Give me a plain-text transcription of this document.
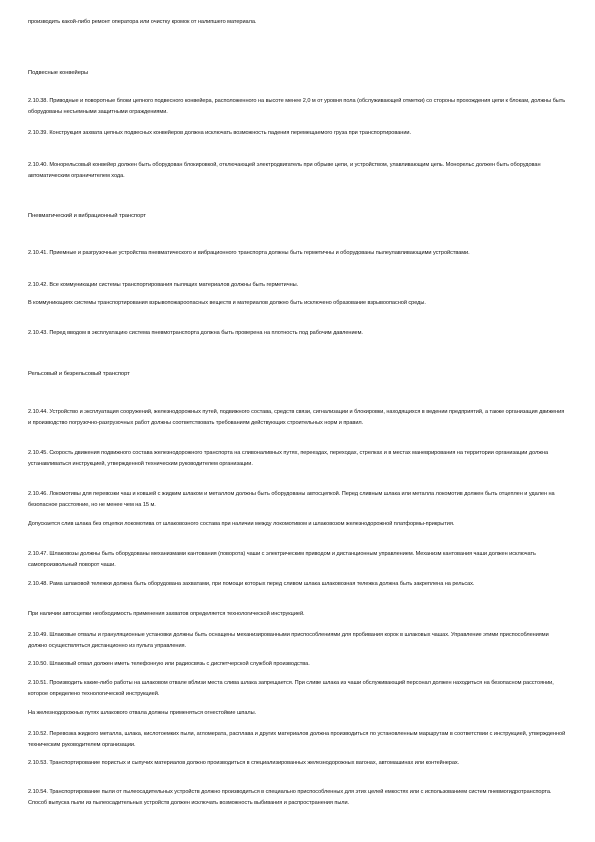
производить какой-либо ремонт оператора или очистку кромок от налипшего материала.

Подвесные конвейеры

2.10.38. Приводные и поворотные блоки цепного подвесного конвейера, расположенного на высоте менее 2,0 м от уровня пола (обслуживающей отметки) со стороны прохождения цепи к блокам, должны быть оборудованы несъемными защитными ограждениями.

2.10.39. Конструкция захвата цепных подвесных конвейеров должна исключать возможность падения перемещаемого груза при транспортировании.

2.10.40. Монорельсовый конвейер должен быть оборудован блокировкой, отключающей электродвигатель при обрыве цепи, и устройством, улавливающим цепь. Монорельс должен быть оборудован автоматическим ограничителем хода.

Пневматический и вибрационный транспорт

2.10.41. Приемные и разгрузочные устройства пневматического и вибрационного транспорта должны быть герметичны и оборудованы пылеулавливающими устройствами.

2.10.42. Все коммуникации системы транспортирования пылящих материалов должны быть герметичны.

В коммуникациях системы транспортирования взрывопожароопасных веществ и материалов должно быть исключено образование взрывоопасной среды.

2.10.43. Перед вводом в эксплуатацию система пневмотранспорта должна быть проверена на плотность под рабочим давлением.

Рельсовый и безрельсовый транспорт

2.10.44. Устройство и эксплуатация сооружений, железнодорожных путей, подвижного состава, средств связи, сигнализации и блокировки, находящихся в ведении предприятий, а также организация движения и производство погрузочно-разгрузочных работ должны соответствовать требованиям действующих строительных норм и правил.

2.10.45. Скорость движения подвижного состава железнодорожного транспорта на сливоналивных путях, переездах, переходах, стрелках и в местах маневрирования на территории организации должна устанавливаться инструкцией, утвержденной техническим руководителем организации.

2.10.46. Локомотивы для перевозки чаш и ковшей с жидким шлаком и металлом должны быть оборудованы автосцепкой. Перед сливным шлака или металла локомотив должен быть отцеплен и удален на безопасное расстояние, но не менее чем на 15 м.

Допускается слив шлака без отцепки локомотива от шлаковозного состава при наличии между локомотивом и шлаковозом железнодорожной платформы-прикрытия.

2.10.47. Шлаковозы должны быть оборудованы механизмами кантования (поворота) чаши с электрическим приводом и дистанционным управлением. Механизм кантования чаши должен исключать самопроизвольный поворот чаши.

2.10.48. Рама шлаковой тележки должна быть оборудована захватами, при помощи которых перед сливом шлака шлаковозная тележка должна быть закреплена на рельсах.

При наличии автосцепки необходимость применения захватов определяется технологической инструкцией.

2.10.49. Шлаковые отвалы и грануляционные установки должны быть оснащены механизированными приспособлениями для пробивания корок в шлаковых чашах. Управление этими приспособлениями должно осуществляться дистанционно из пульта управления.

2.10.50. Шлаковый отвал должен иметь телефонную или радиосвязь с диспетчерской службой производства.

2.10.51. Производить какие-либо работы на шлаковом отвале вблизи места слива шлака запрещается. При сливе шлака из чаши обслуживающий персонал должен находиться на безопасном расстоянии, которое определено технологической инструкцией.

На железнодорожных путях шлакового отвала должны применяться огнестойкие шпалы.

2.10.52. Перевозка жидкого металла, шлака, кислотоемких пыли, агломерата, расплава и других материалов должна производиться по установленным маршрутам в соответствии с инструкцией, утвержденной техническим руководителем организации.

2.10.53. Транспортирование пористых и сыпучих материалов должно производиться в специализированных железнодорожных вагонах, автомашинах или контейнерах.

2.10.54. Транспортирование пыли от пылеосадительных устройств должно производиться в специально приспособленных для этих целей емкостях или с использованием систем пневмогидротранспорта. Способ выпуска пыли из пылеосадительных устройств должен исключать возможность выбивания и распространения пыли.
